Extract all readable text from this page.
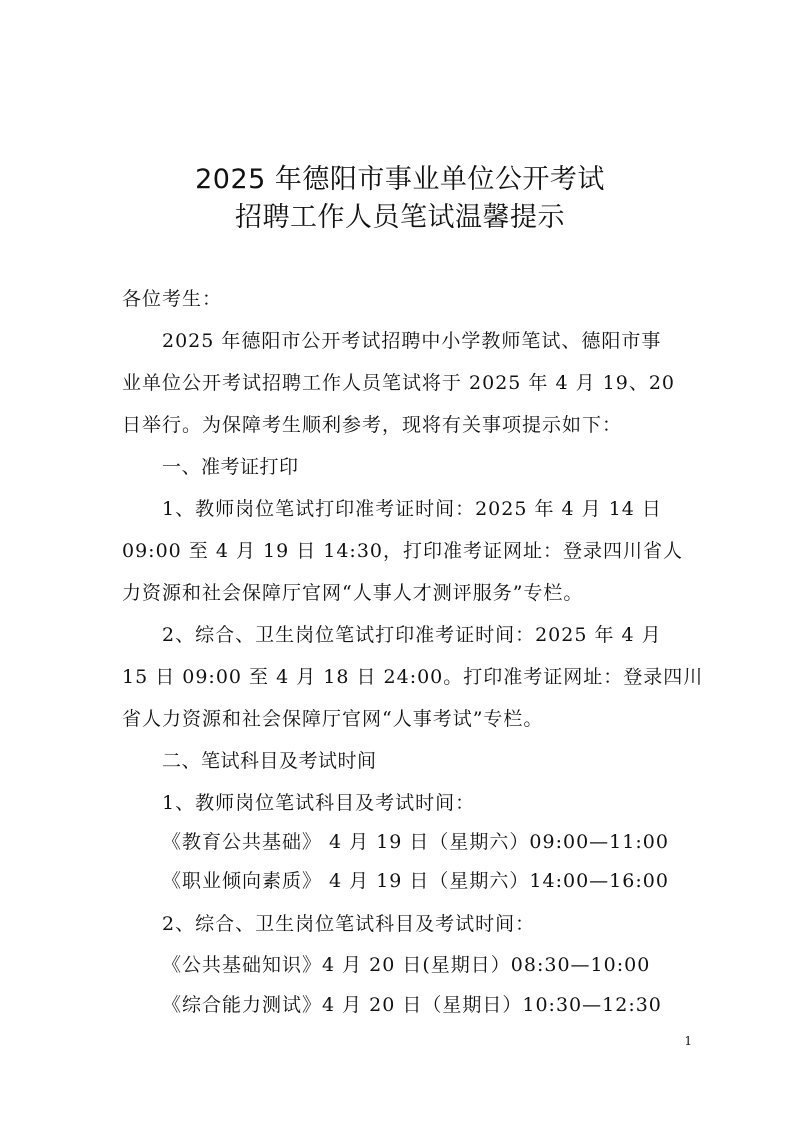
2025 年德阳市事业单位公开考试
招聘工作人员笔试温馨提示
各位考生：
2025 年德阳市公开考试招聘中小学教师笔试、德阳市事
业单位公开考试招聘工作人员笔试将于 2025 年 4 月 19、20
日举行。为保障考生顺利参考，现将有关事项提示如下：
一、准考证打印
1、教师岗位笔试打印准考证时间：2025 年 4 月 14 日
09:00 至 4 月 19 日 14:30，打印准考证网址：登录四川省人
力资源和社会保障厅官网“人事人才测评服务”专栏。
2、综合、卫生岗位笔试打印准考证时间：2025 年 4 月
15 日 09:00 至 4 月 18 日 24:00。打印准考证网址：登录四川
省人力资源和社会保障厅官网“人事考试”专栏。
二、笔试科目及考试时间
1、教师岗位笔试科目及考试时间：
《教育公共基础》 4 月 19 日（星期六）09:00—11:00
《职业倾向素质》 4 月 19 日（星期六）14:00—16:00
2、综合、卫生岗位笔试科目及考试时间：
《公共基础知识》4 月 20 日(星期日）08:30—10:00
《综合能力测试》4 月 20 日（星期日）10:30—12:30
1
